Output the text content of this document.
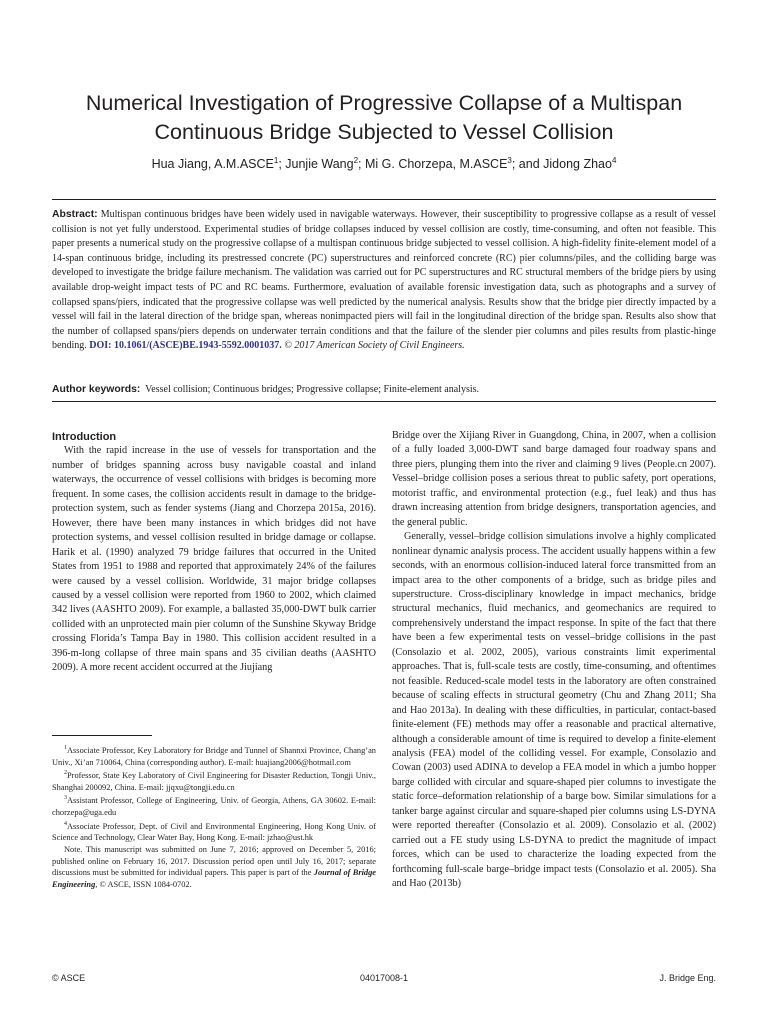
Numerical Investigation of Progressive Collapse of a Multispan Continuous Bridge Subjected to Vessel Collision
Hua Jiang, A.M.ASCE$^1$; Junjie Wang$^2$; Mi G. Chorzepa, M.ASCE$^3$; and Jidong Zhao$^4$
Abstract: Multispan continuous bridges have been widely used in navigable waterways. However, their susceptibility to progressive collapse as a result of vessel collision is not yet fully understood. Experimental studies of bridge collapses induced by vessel collision are costly, time-consuming, and often not feasible. This paper presents a numerical study on the progressive collapse of a multispan continuous bridge subjected to vessel collision. A high-fidelity finite-element model of a 14-span continuous bridge, including its prestressed concrete (PC) superstructures and reinforced concrete (RC) pier columns/piles, and the colliding barge was developed to investigate the bridge failure mechanism. The validation was carried out for PC superstructures and RC structural members of the bridge piers by using available drop-weight impact tests of PC and RC beams. Furthermore, evaluation of available forensic investigation data, such as photographs and a survey of collapsed spans/piers, indicated that the progressive collapse was well predicted by the numerical analysis. Results show that the bridge pier directly impacted by a vessel will fail in the lateral direction of the bridge span, whereas nonimpacted piers will fail in the longitudinal direction of the bridge span. Results also show that the number of collapsed spans/piers depends on underwater terrain conditions and that the failure of the slender pier columns and piles results from plastic-hinge bending. DOI: 10.1061/(ASCE)BE.1943-5592.0001037. © 2017 American Society of Civil Engineers.
Author keywords: Vessel collision; Continuous bridges; Progressive collapse; Finite-element analysis.

Introduction

With the rapid increase in the use of vessels for transportation and the number of bridges spanning across busy navigable coastal and inland waterways, the occurrence of vessel collisions with bridges is becoming more frequent. In some cases, the collision accidents result in damage to the bridge-protection system, such as fender systems (Jiang and Chorzepa 2015a, 2016). However, there have been many instances in which bridges did not have protection systems, and vessel collision resulted in bridge damage or collapse. Harik et al. (1990) analyzed 79 bridge failures that occurred in the United States from 1951 to 1988 and reported that approximately 24% of the failures were caused by a vessel collision. Worldwide, 31 major bridge collapses caused by a vessel collision were reported from 1960 to 2002, which claimed 342 lives (AASHTO 2009). For example, a ballasted 35,000-DWT bulk carrier collided with an unprotected main pier column of the Sunshine Skyway Bridge crossing Florida’s Tampa Bay in 1980. This collision accident resulted in a 396-m-long collapse of three main spans and 35 civilian deaths (AASHTO 2009). A more recent accident occurred at the Jiujiang

Bridge over the Xijiang River in Guangdong, China, in 2007, when a collision of a fully loaded 3,000-DWT sand barge damaged four roadway spans and three piers, plunging them into the river and claiming 9 lives (People.cn 2007). Vessel–bridge collision poses a serious threat to public safety, port operations, motorist traffic, and environmental protection (e.g., fuel leak) and thus has drawn increasing attention from bridge designers, transportation agencies, and the general public.

Generally, vessel–bridge collision simulations involve a highly complicated nonlinear dynamic analysis process. The accident usually happens within a few seconds, with an enormous collision-induced lateral force transmitted from an impact area to the other components of a bridge, such as bridge piles and superstructure. Cross-disciplinary knowledge in impact mechanics, bridge structural mechanics, fluid mechanics, and geomechanics are required to comprehensively understand the impact response. In spite of the fact that there have been a few experimental tests on vessel–bridge collisions in the past (Consolazio et al. 2002, 2005), various constraints limit experimental approaches. That is, full-scale tests are costly, time-consuming, and oftentimes not feasible. Reduced-scale model tests in the laboratory are often constrained because of scaling effects in structural geometry (Chu and Zhang 2011; Sha and Hao 2013a). In dealing with these difficulties, in particular, contact-based finite-element (FE) methods may offer a reasonable and practical alternative, although a considerable amount of time is required to develop a finite-element analysis (FEA) model of the colliding vessel. For example, Consolazio and Cowan (2003) used ADINA to develop a FEA model in which a jumbo hopper barge collided with circular and square-shaped pier columns to investigate the static force–deformation relationship of a barge bow. Similar simulations for a tanker barge against circular and square-shaped pier columns using LS-DYNA were reported thereafter (Consolazio et al. 2009). Consolazio et al. (2002) carried out a FE study using LS-DYNA to predict the magnitude of impact forces, which can be used to characterize the loading expected from the forthcoming full-scale barge–bridge impact tests (Consolazio et al. 2005). Sha and Hao (2013b)

$^1$Associate Professor, Key Laboratory for Bridge and Tunnel of Shannxi Province, Chang’an Univ., Xi’an 710064, China (corresponding author). E-mail: huajiang2006@hotmail.com

$^2$Professor, State Key Laboratory of Civil Engineering for Disaster Reduction, Tongji Univ., Shanghai 200092, China. E-mail: jjqxu@tongji.edu.cn

$^3$Assistant Professor, College of Engineering, Univ. of Georgia, Athens, GA 30602. E-mail: chorzepa@uga.edu

$^4$Associate Professor, Dept. of Civil and Environmental Engineering, Hong Kong Univ. of Science and Technology, Clear Water Bay, Hong Kong. E-mail: jzhao@ust.hk

Note. This manuscript was submitted on June 7, 2016; approved on December 5, 2016; published online on February 16, 2017. Discussion period open until July 16, 2017; separate discussions must be submitted for individual papers. This paper is part of the Journal of Bridge Engineering, © ASCE, ISSN 1084-0702.

© ASCE	04017008-1	J. Bridge Eng.
